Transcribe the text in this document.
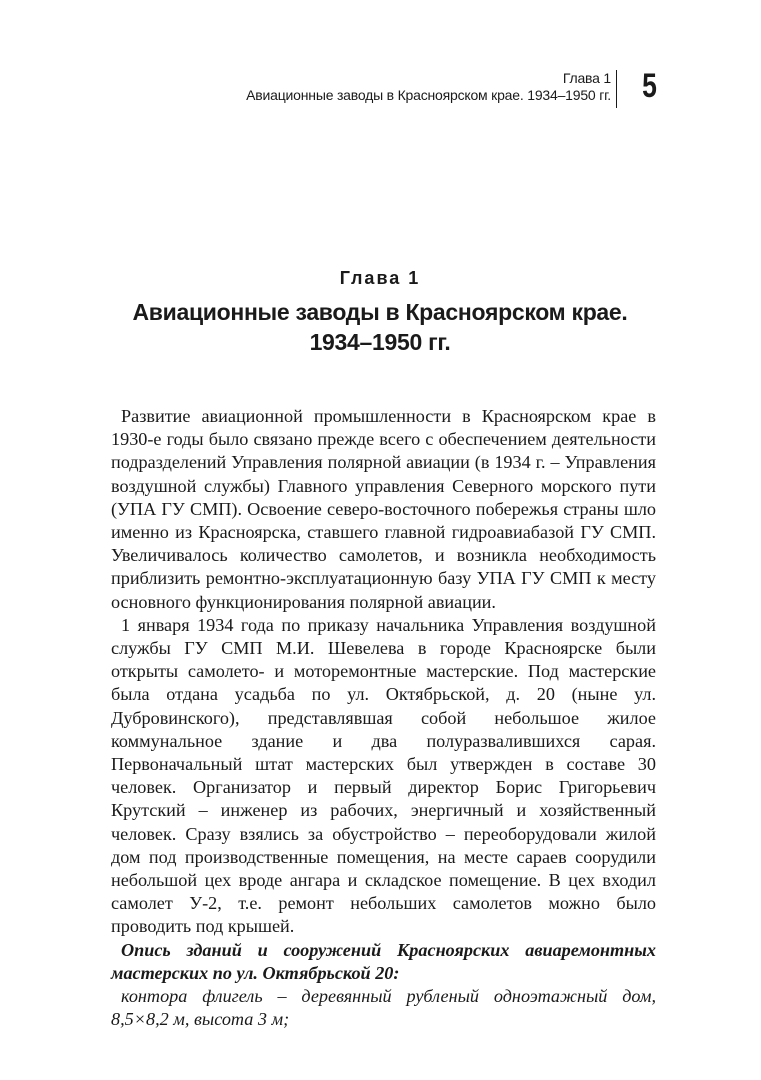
Глава 1
Авиационные заводы в Красноярском крае. 1934–1950 гг. 5
Глава 1
Авиационные заводы в Красноярском крае.
1934–1950 гг.

Развитие авиационной промышленности в Красноярском крае в 1930-е годы было связано прежде всего с обеспечением деятельности подразделений Управления полярной авиации (в 1934 г. – Управления воздушной службы) Главного управления Северного морского пути (УПА ГУ СМП). Освоение северо-восточного побережья страны шло именно из Красноярска, ставшего главной гидроавиабазой ГУ СМП. Увеличивалось количество самолетов, и возникла необходимость приблизить ремонтно-эксплуатационную базу УПА ГУ СМП к месту основного функционирования полярной авиации.

1 января 1934 года по приказу начальника Управления воздушной службы ГУ СМП М.И. Шевелева в городе Красноярске были открыты самолето- и моторемонтные мастерские. Под мастерские была отдана усадьба по ул. Октябрьской, д. 20 (ныне ул. Дубровинского), представлявшая собой небольшое жилое коммунальное здание и два полуразвалившихся сарая. Первоначальный штат мастерских был утвержден в составе 30 человек. Организатор и первый директор Борис Григорьевич Крутский – инженер из рабочих, энергичный и хозяйственный человек. Сразу взялись за обустройство – переоборудовали жилой дом под производственные помещения, на месте сараев соорудили небольшой цех вроде ангара и складское помещение. В цех входил самолет У-2, т.е. ремонт небольших самолетов можно было проводить под крышей.

Опись зданий и сооружений Красноярских авиаремонтных мастерских по ул. Октябрьской 20:

контора флигель – деревянный рубленый одноэтажный дом, 8,5×8,2 м, высота 3 м;
